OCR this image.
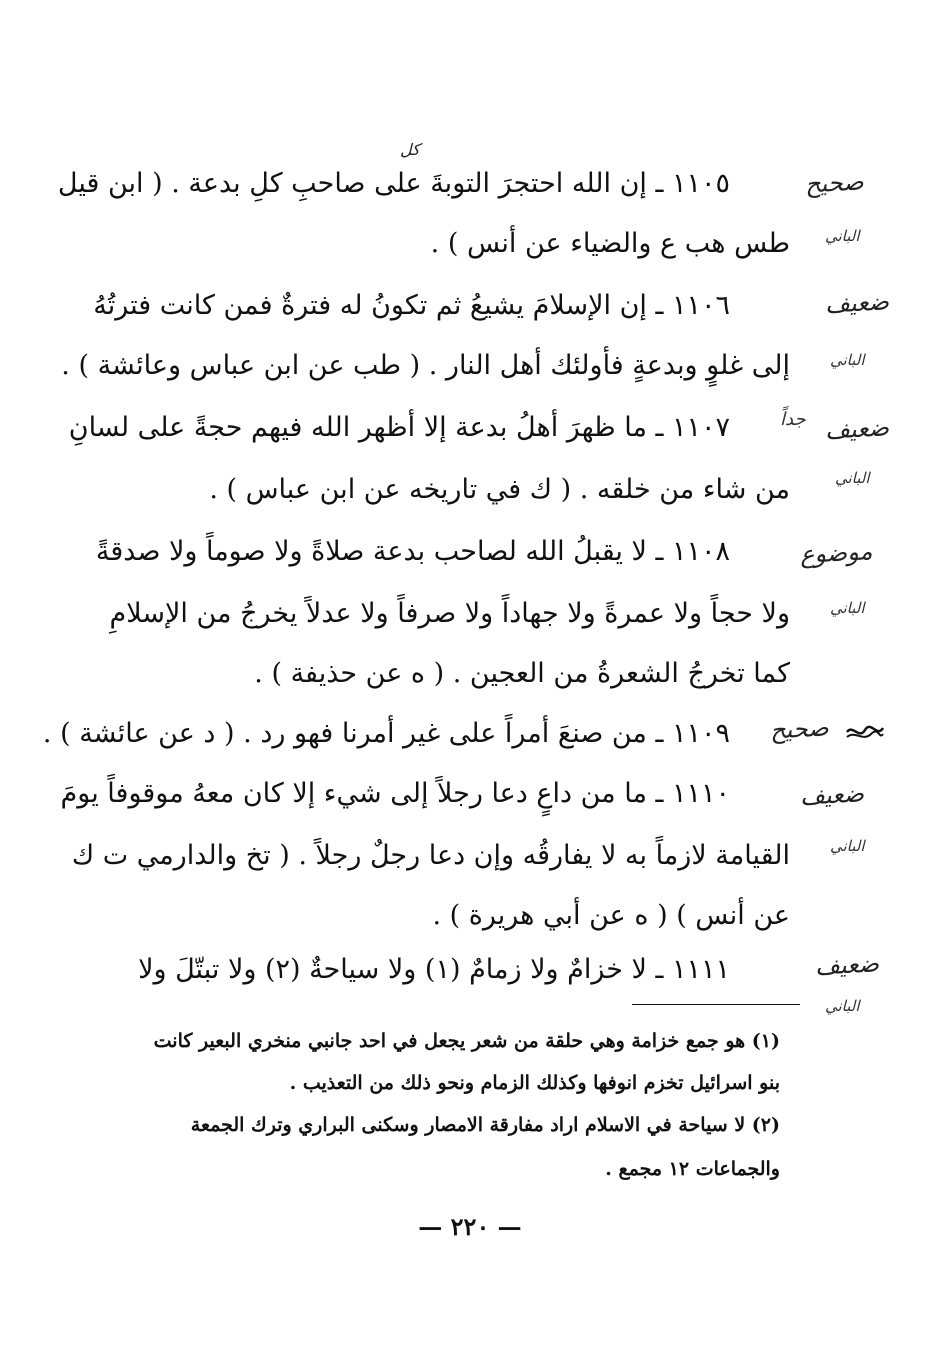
١١٠٥ ـ إن الله احتجرَ التوبةَ على صاحبِ كلِ بدعة . ( ابن قيل
طس هب ع والضياء عن أنس ) .
كل
صحيح
الباني
١١٠٦ ـ إن الإسلامَ يشيعُ ثم تكونُ له فترةٌ فمن كانت فترتُهُ
إلى غلوٍ وبدعةٍ فأولئك أهل النار . ( طب عن ابن عباس وعائشة ) .
ضعيف
الباني
١١٠٧ ـ ما ظهرَ أهلُ بدعة إلا أظهر الله فيهم حجةً على لسانِ
من شاء من خلقه . ( ك في تاريخه عن ابن عباس ) .
ضعيف
جداً
الباني
١١٠٨ ـ لا يقبلُ الله لصاحب بدعة صلاةً ولا صوماً ولا صدقةً
ولا حجاً ولا عمرةً ولا جهاداً ولا صرفاً ولا عدلاً يخرجُ من الإسلامِ
كما تخرجُ الشعرةُ من العجين . ( ه عن حذيفة ) .
موضوع
الباني
١١٠٩ ـ من صنعَ أمراً على غير أمرنا فهو رد . ( د عن عائشة ) . صحيح
١١١٠ ـ ما من داعٍ دعا رجلاً إلى شيء إلا كان معهُ موقوفاً يومَ
القيامة لازماً به لا يفارقُه وإن دعا رجلٌ رجلاً . ( تخ والدارمي ت ك
عن أنس ) ( ه عن أبي هريرة ) .
ضعيف
الباني
١١١١ ـ لا خزامٌ ولا زمامٌ (١) ولا سياحةٌ (٢) ولا تبتّلَ ولا	ضعيف
الباني
(١) هو جمع خزامة وهي حلقة من شعر يجعل في احد جانبي منخري البعير كانت
بنو اسرائيل تخزم انوفها وكذلك الزمام ونحو ذلك من التعذيب .
(٢) لا سياحة في الاسلام اراد مفارقة الامصار وسكنى البراري وترك الجمعة
والجماعات ١٢ مجمع .
— ٢٢٠ —
